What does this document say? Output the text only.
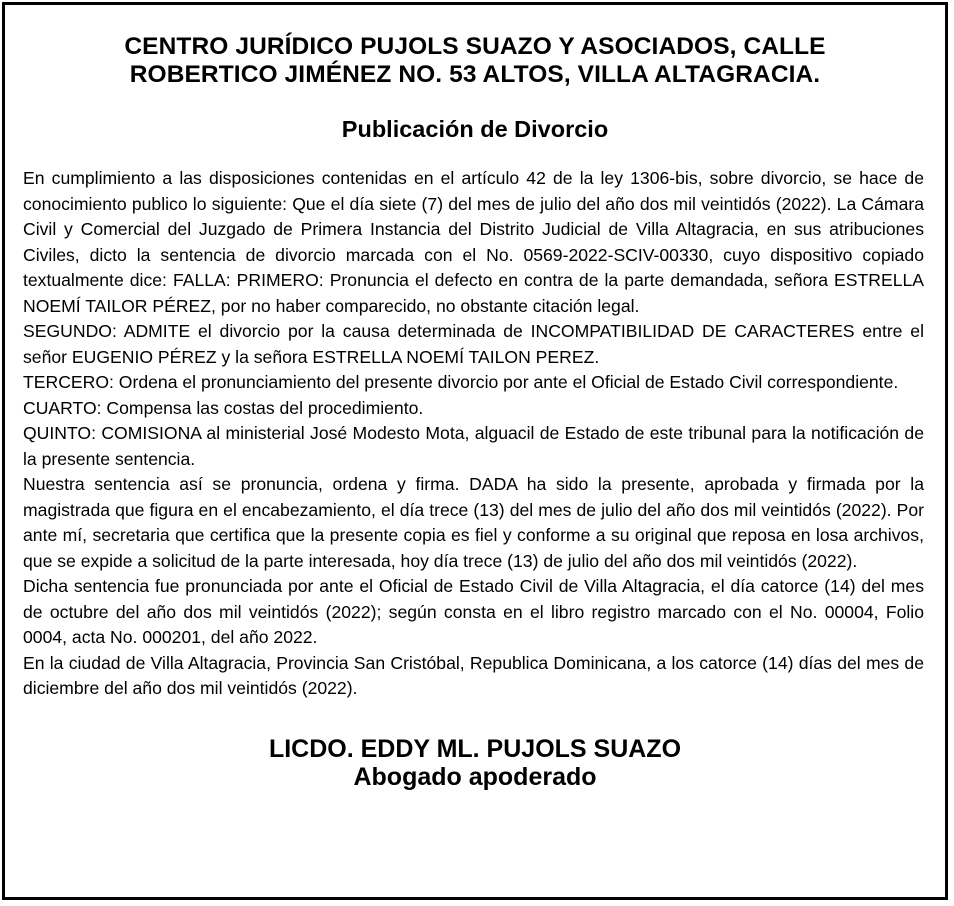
CENTRO JURÍDICO PUJOLS SUAZO Y ASOCIADOS, CALLE
ROBERTICO JIMÉNEZ NO. 53 ALTOS, VILLA ALTAGRACIA.
Publicación de Divorcio

En cumplimiento a las disposiciones contenidas en el artículo 42 de la ley 1306-bis, sobre divorcio, se hace de conocimiento publico lo siguiente: Que el día siete (7) del mes de julio del año dos mil veintidós (2022). La Cámara Civil y Comercial del Juzgado de Primera Instancia del Distrito Judicial de Villa Altagracia, en sus atribuciones Civiles, dicto la sentencia de divorcio marcada con el No. 0569-2022-SCIV-00330, cuyo dispositivo copiado textualmente dice: FALLA: PRIMERO: Pronuncia el defecto en contra de la parte demandada, señora ESTRELLA NOEMÍ TAILOR PÉREZ, por no haber comparecido, no obstante citación legal.

SEGUNDO: ADMITE el divorcio por la causa determinada de INCOMPATIBILIDAD DE CARACTERES entre el señor EUGENIO PÉREZ y la señora ESTRELLA NOEMÍ TAILON PEREZ.

TERCERO: Ordena el pronunciamiento del presente divorcio por ante el Oficial de Estado Civil correspondiente.

CUARTO: Compensa las costas del procedimiento.

QUINTO: COMISIONA al ministerial José Modesto Mota, alguacil de Estado de este tribunal para la notificación de la presente sentencia.

Nuestra sentencia así se pronuncia, ordena y firma. DADA ha sido la presente, aprobada y firmada por la magistrada que figura en el encabezamiento, el día trece (13) del mes de julio del año dos mil veintidós (2022). Por ante mí, secretaria que certifica que la presente copia es fiel y conforme a su original que reposa en losa archivos, que se expide a solicitud de la parte interesada, hoy día trece (13) de julio del año dos mil veintidós (2022).

Dicha sentencia fue pronunciada por ante el Oficial de Estado Civil de Villa Altagracia, el día catorce (14) del mes de octubre del año dos mil veintidós (2022); según consta en el libro registro marcado con el No. 00004, Folio 0004, acta No. 000201, del año 2022.

En la ciudad de Villa Altagracia, Provincia San Cristóbal, Republica Dominicana, a los catorce (14) días del mes de diciembre del año dos mil veintidós (2022).

LICDO. EDDY ML. PUJOLS SUAZO
Abogado apoderado
